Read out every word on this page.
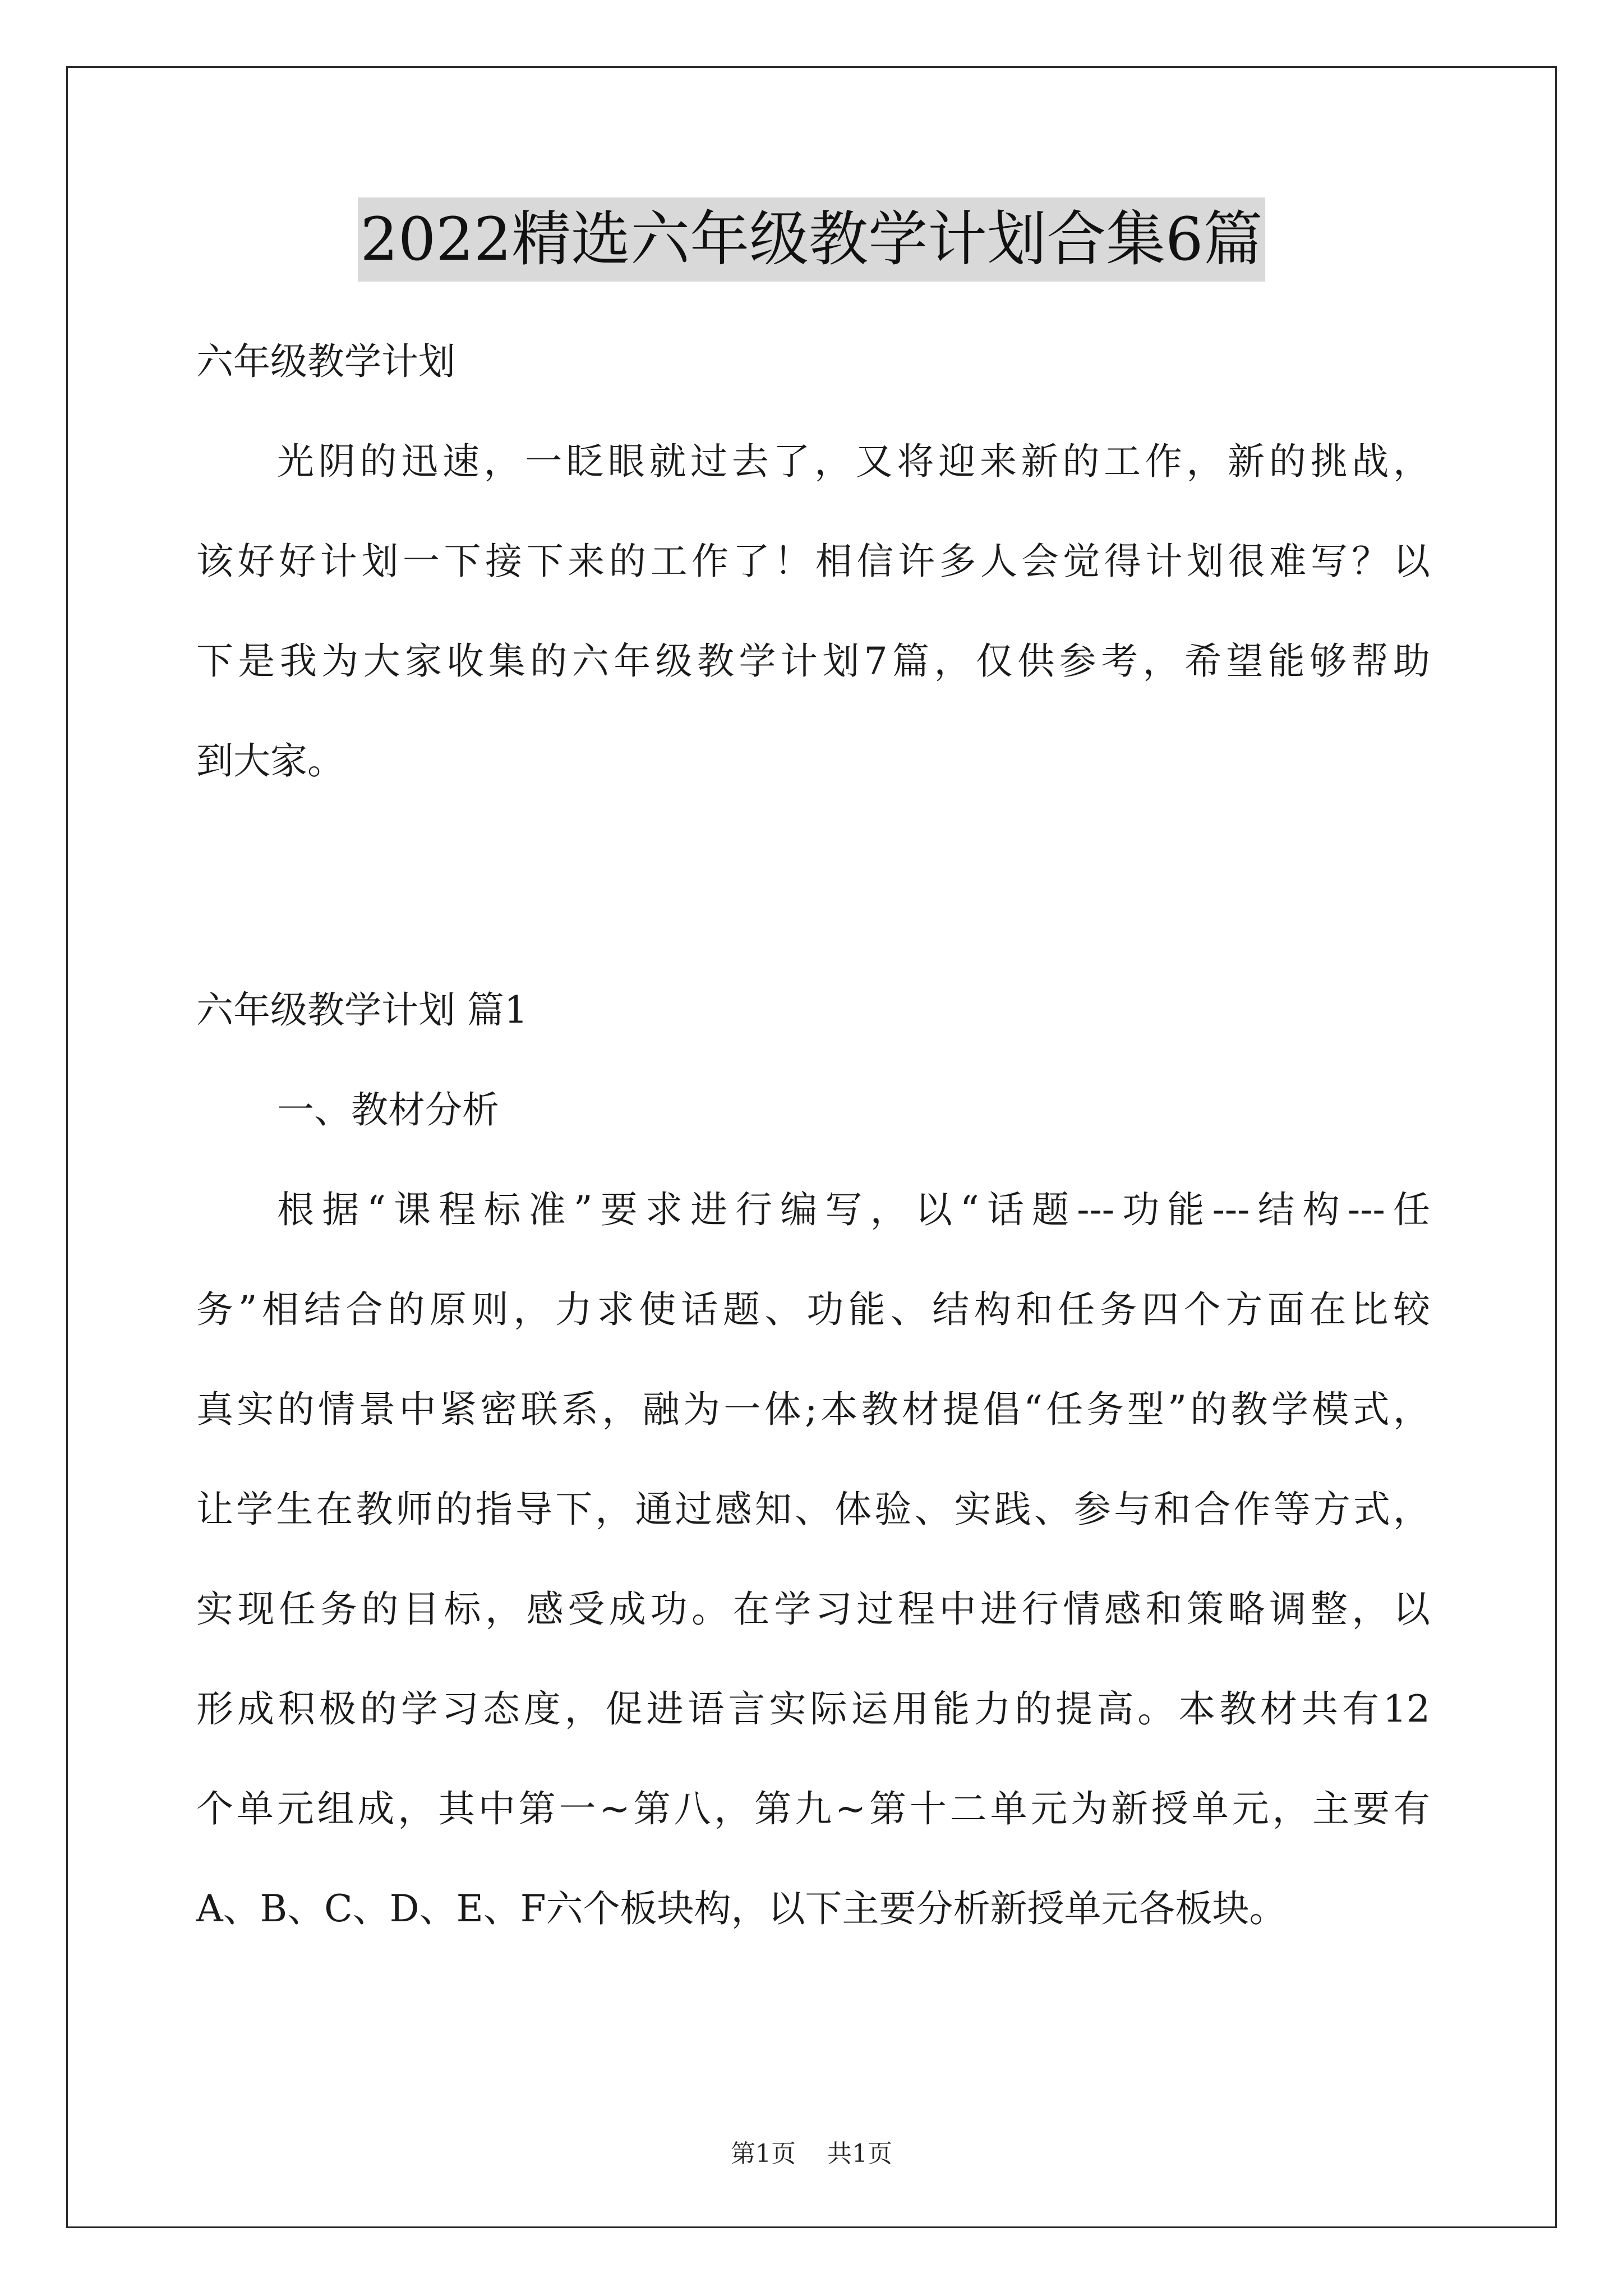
2022精选六年级教学计划合集6篇
六年级教学计划
光阴的迅速，一眨眼就过去了，又将迎来新的工作，新的挑战，
该好好计划一下接下来的工作了！相信许多人会觉得计划很难写？以
下是我为大家收集的六年级教学计划7篇，仅供参考，希望能够帮助
到大家。
六年级教学计划 篇1
一、教材分析
根据“课程标准”要求进行编写，以“话题---功能---结构---任
务”相结合的原则，力求使话题、功能、结构和任务四个方面在比较
真实的情景中紧密联系，融为一体;本教材提倡“任务型”的教学模式，
让学生在教师的指导下，通过感知、体验、实践、参与和合作等方式，
实现任务的目标，感受成功。在学习过程中进行情感和策略调整，以
形成积极的学习态度，促进语言实际运用能力的提高。本教材共有12
个单元组成，其中第一~第八，第九~第十二单元为新授单元，主要有
A、B、C、D、E、F六个板块构，以下主要分析新授单元各板块。
第1页 共1页
